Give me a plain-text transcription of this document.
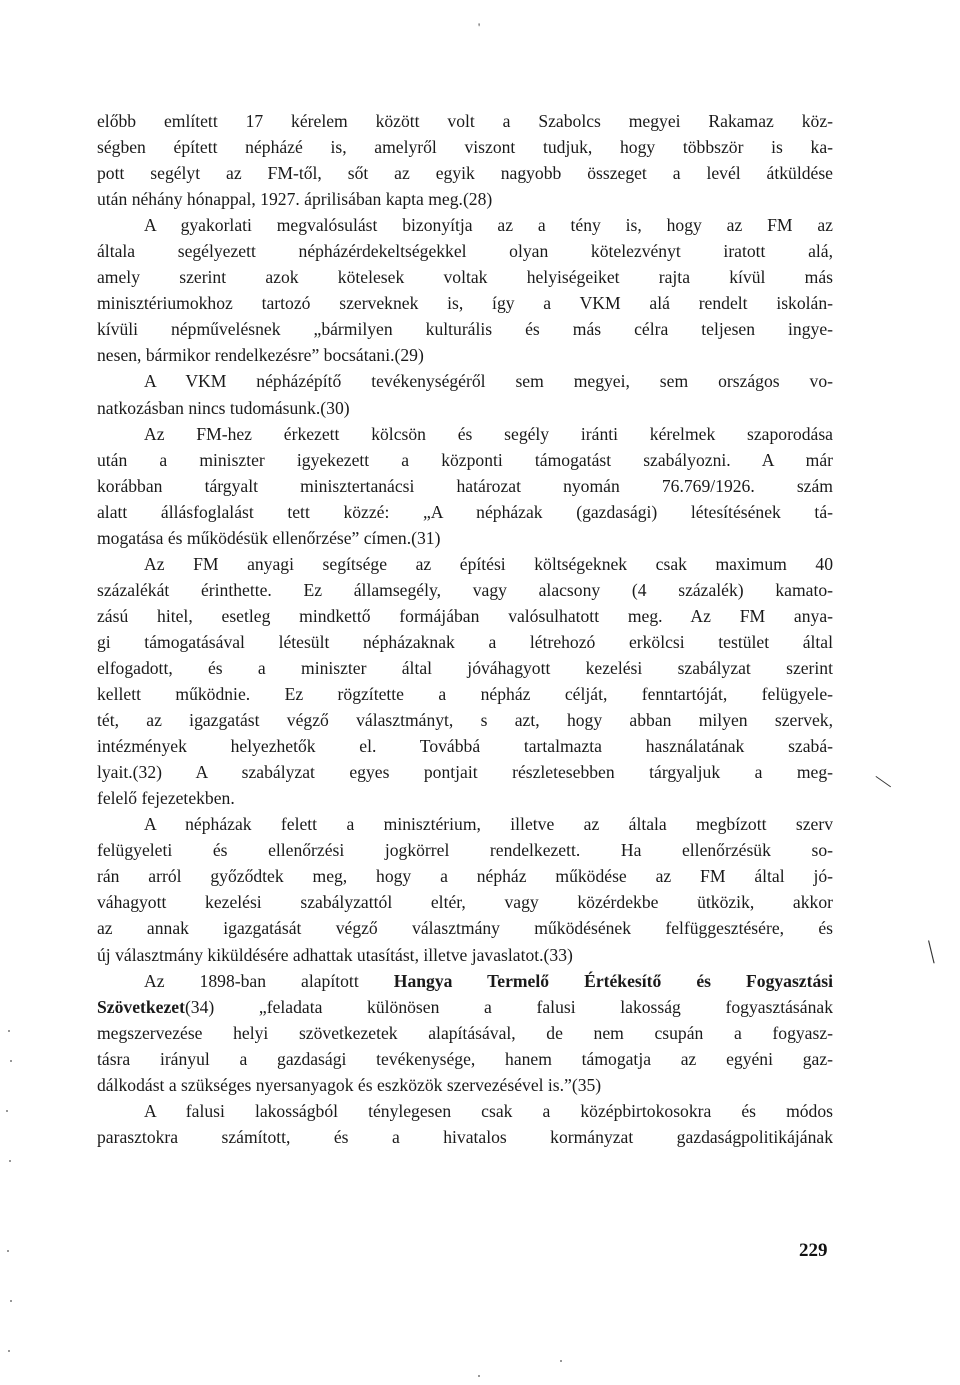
előbb említett 17 kérelem között volt a Szabolcs megyei Rakamaz köz-
ségben épített népházé is, amelyről viszont tudjuk, hogy többször is ka-
pott segélyt az FM-től, sőt az egyik nagyobb összeget a levél átküldése
után néhány hónappal, 1927. áprilisában kapta meg.(28)
A gyakorlati megvalósulást bizonyítja az a tény is, hogy az FM az
általa segélyezett népházérdekeltségekkel olyan kötelezvényt iratott alá,
amely szerint azok kötelesek voltak helyiségeiket rajta kívül más
minisztériumokhoz tartozó szerveknek is, így a VKM alá rendelt iskolán-
kívüli népművelésnek „bármilyen kulturális és más célra teljesen ingye-
nesen, bármikor rendelkezésre” bocsátani.(29)
A VKM népházépítő tevékenységéről sem megyei, sem országos vo-
natkozásban nincs tudomásunk.(30)
Az FM-hez érkezett kölcsön és segély iránti kérelmek szaporodása
után a miniszter igyekezett a központi támogatást szabályozni. A már
korábban tárgyalt minisztertanácsi határozat nyomán 76.769/1926. szám
alatt állásfoglalást tett közzé: „A népházak (gazdasági) létesítésének tá-
mogatása és működésük ellenőrzése” címen.(31)
Az FM anyagi segítsége az építési költségeknek csak maximum 40
százalékát érinthette. Ez államsegély, vagy alacsony (4 százalék) kamato-
zású hitel, esetleg mindkettő formájában valósulhatott meg. Az FM anya-
gi támogatásával létesült népházaknak a létrehozó erkölcsi testület által
elfogadott, és a miniszter által jóváhagyott kezelési szabályzat szerint
kellett működnie. Ez rögzítette a népház célját, fenntartóját, felügyele-
tét, az igazgatást végző választmányt, s azt, hogy abban milyen szervek,
intézmények helyezhetők el. Továbbá tartalmazta használatának szabá-
lyait.(32) A szabályzat egyes pontjait részletesebben tárgyaljuk a meg-
felelő fejezetekben.
A népházak felett a minisztérium, illetve az általa megbízott szerv
felügyeleti és ellenőrzési jogkörrel rendelkezett. Ha ellenőrzésük so-
rán arról győződtek meg, hogy a népház működése az FM által jó-
váhagyott kezelési szabályzattól eltér, vagy közérdekbe ütközik, akkor
az annak igazgatását végző választmány működésének felfüggesztésére, és
új választmány kiküldésére adhattak utasítást, illetve javaslatot.(33)
Az 1898-ban alapított Hangya Termelő Értékesítő és Fogyasztási
Szövetkezet(34) „feladata különösen a falusi lakosság fogyasztásának
megszervezése helyi szövetkezetek alapításával, de nem csupán a fogyasz-
tásra irányul a gazdasági tevékenysége, hanem támogatja az egyéni gaz-
dálkodást a szükséges nyersanyagok és eszközök szervezésével is.”(35)
A falusi lakosságból ténylegesen csak a középbirtokosokra és módos
parasztokra számított, és a hivatalos kormányzat gazdaságpolitikájának
229
'
—
\
